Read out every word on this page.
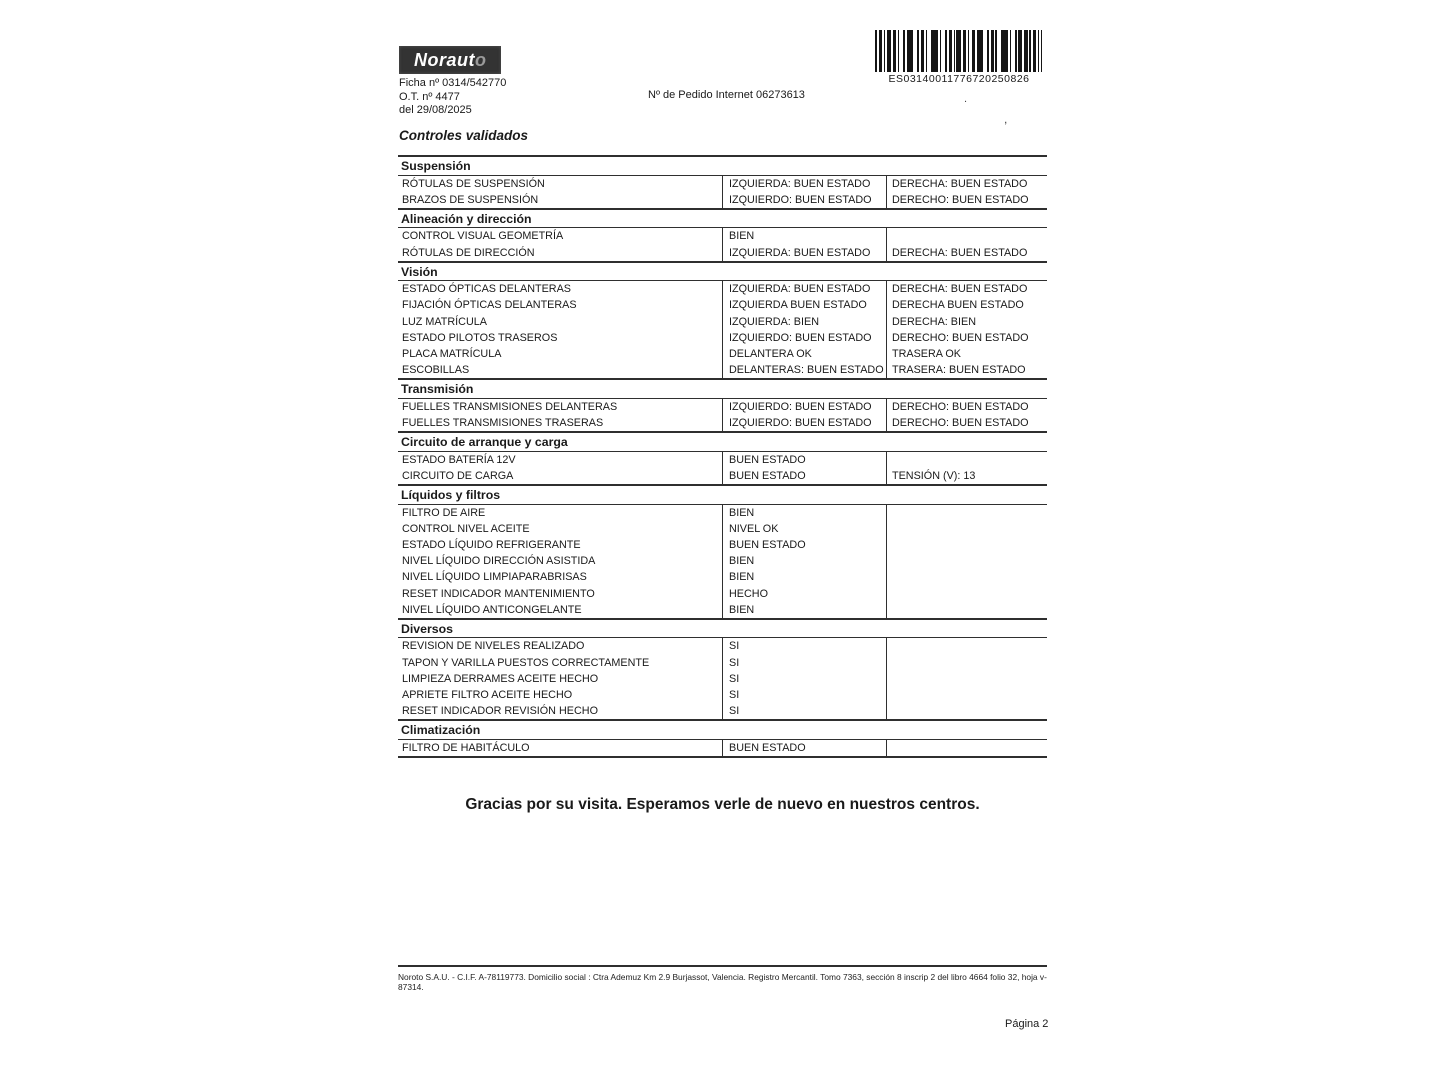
Noraut o
Ficha nº 0314/542770
O.T. nº 4477
del 29/08/2025
Nº de Pedido Internet 06273613
ES03140011776720250826
.
,
Controles validados
Suspensión
RÓTULAS DE SUSPENSIÓN	IZQUIERDA: BUEN ESTADO	DERECHA: BUEN ESTADO
BRAZOS DE SUSPENSIÓN	IZQUIERDO: BUEN ESTADO	DERECHO: BUEN ESTADO
Alineación y dirección
CONTROL VISUAL GEOMETRÍA	BIEN
RÓTULAS DE DIRECCIÓN	IZQUIERDA: BUEN ESTADO	DERECHA: BUEN ESTADO
Visión
ESTADO ÓPTICAS DELANTERAS	IZQUIERDA: BUEN ESTADO	DERECHA: BUEN ESTADO
FIJACIÓN ÓPTICAS DELANTERAS	IZQUIERDA BUEN ESTADO	DERECHA BUEN ESTADO
LUZ MATRÍCULA	IZQUIERDA: BIEN	DERECHA: BIEN
ESTADO PILOTOS TRASEROS	IZQUIERDO: BUEN ESTADO	DERECHO: BUEN ESTADO
PLACA MATRÍCULA	DELANTERA OK	TRASERA OK
ESCOBILLAS	DELANTERAS: BUEN ESTADO TRASERA: BUEN ESTADO
Transmisión
FUELLES TRANSMISIONES DELANTERAS	IZQUIERDO: BUEN ESTADO	DERECHO: BUEN ESTADO
FUELLES TRANSMISIONES TRASERAS	IZQUIERDO: BUEN ESTADO	DERECHO: BUEN ESTADO
Circuito de arranque y carga
ESTADO BATERÍA 12V	BUEN ESTADO
CIRCUITO DE CARGA	BUEN ESTADO	TENSIÓN (V): 13
Líquidos y filtros
FILTRO DE AIRE	BIEN
CONTROL NIVEL ACEITE	NIVEL OK
ESTADO LÍQUIDO REFRIGERANTE	BUEN ESTADO
NIVEL LÍQUIDO DIRECCIÓN ASISTIDA	BIEN
NIVEL LÍQUIDO LIMPIAPARABRISAS	BIEN
RESET INDICADOR MANTENIMIENTO	HECHO
NIVEL LÍQUIDO ANTICONGELANTE	BIEN
Diversos
REVISION DE NIVELES REALIZADO	SI
TAPON Y VARILLA PUESTOS CORRECTAMENTE	SI
LIMPIEZA DERRAMES ACEITE HECHO	SI
APRIETE FILTRO ACEITE HECHO	SI
RESET INDICADOR REVISIÓN HECHO	SI
Climatización
FILTRO DE HABITÁCULO	BUEN ESTADO
Gracias por su visita. Esperamos verle de nuevo en nuestros centros.
Noroto S.A.U. - C.I.F. A-78119773. Domicilio social : Ctra Ademuz Km 2.9 Burjassot, Valencia. Registro Mercantil. Tomo 7363, sección 8 inscrip 2 del libro 4664 folio 32, hoja v-87314.
Página 2
